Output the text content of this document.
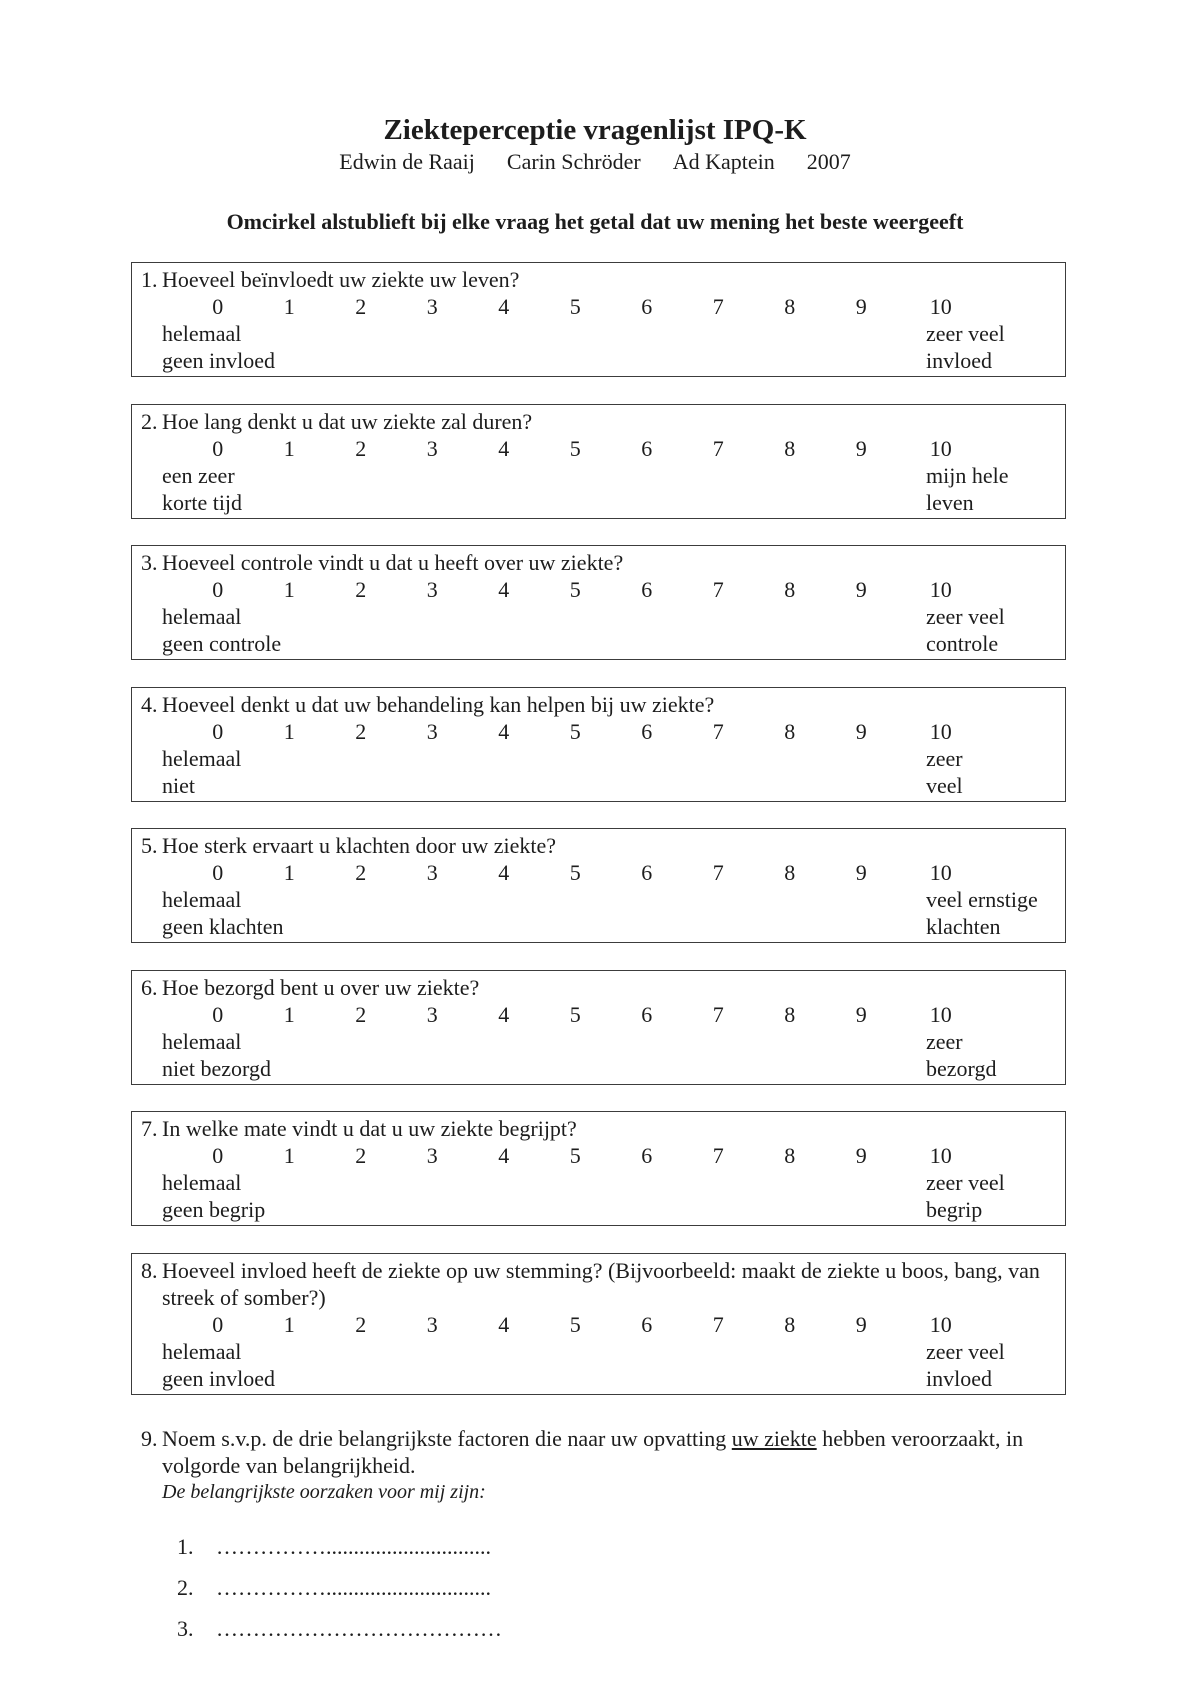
Ziekteperceptie vragenlijst IPQ-K
Edwin de Raaij Carin Schröder Ad Kaptein 2007
Omcirkel alstublieft bij elke vraag het getal dat uw mening het beste weergeeft
1. Hoeveel beïnvloedt uw ziekte uw leven?
0	1	2	3	4	5	6	7	8	9	10
helemaal	zeer veel
geen invloed	invloed
2. Hoe lang denkt u dat uw ziekte zal duren?
0	1	2	3	4	5	6	7	8	9	10
een zeer	mijn hele
korte tijd	leven
3. Hoeveel controle vindt u dat u heeft over uw ziekte?
0	1	2	3	4	5	6	7	8	9	10
helemaal	zeer veel
geen controle	controle
4. Hoeveel denkt u dat uw behandeling kan helpen bij uw ziekte?
0	1	2	3	4	5	6	7	8	9	10
helemaal	zeer
niet	veel
5. Hoe sterk ervaart u klachten door uw ziekte?
0	1	2	3	4	5	6	7	8	9	10
helemaal	veel ernstige
geen klachten	klachten
6. Hoe bezorgd bent u over uw ziekte?
0	1	2	3	4	5	6	7	8	9	10
helemaal	zeer
niet bezorgd	bezorgd
7. In welke mate vindt u dat u uw ziekte begrijpt?
0	1	2	3	4	5	6	7	8	9	10
helemaal	zeer veel
geen begrip	begrip
8. Hoeveel invloed heeft de ziekte op uw stemming? (Bijvoorbeeld: maakt de ziekte u boos, bang, van
streek of somber?)
0	1	2	3	4	5	6	7	8	9	10
helemaal	zeer veel
geen invloed	invloed
9. Noem s.v.p. de drie belangrijkste factoren die naar uw opvatting uw ziekte hebben veroorzaakt, in
volgorde van belangrijkheid.
De belangrijkste oorzaken voor mij zijn:
1. ……………..............................
2. ……………..............................
3. …………………………………
